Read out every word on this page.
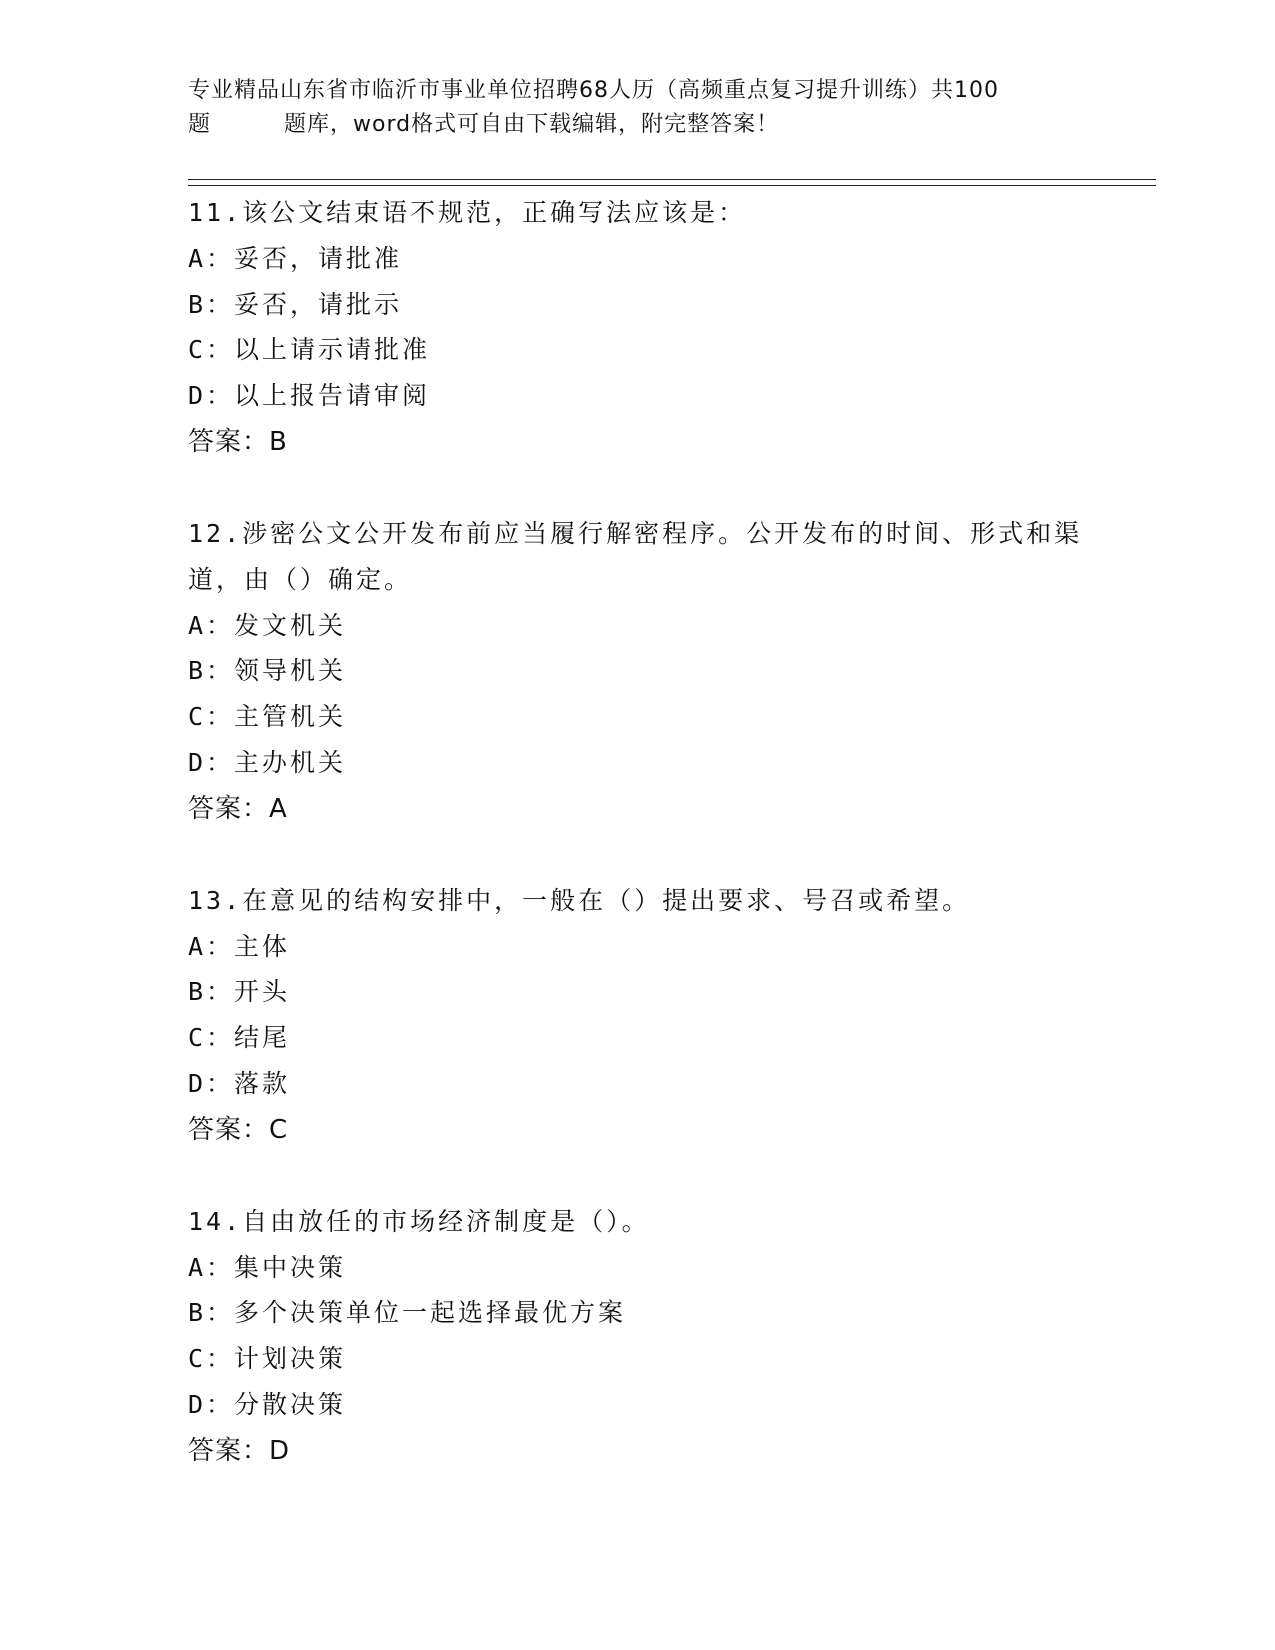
专业精品山东省市临沂市事业单位招聘68人历（高频重点复习提升训练）共100
题	题库，word格式可自由下载编辑，附完整答案！
11.该公文结束语不规范，正确写法应该是：
A：妥否，请批准
B：妥否，请批示
C：以上请示请批准
D：以上报告请审阅
答案：B
12.涉密公文公开发布前应当履行解密程序。公开发布的时间、形式和渠道，由（）确定。
A：发文机关
B：领导机关
C：主管机关
D：主办机关
答案：A
13.在意见的结构安排中，一般在（）提出要求、号召或希望。
A：主体
B：开头
C：结尾
D：落款
答案：C
14.自由放任的市场经济制度是（）。
A：集中决策
B：多个决策单位一起选择最优方案
C：计划决策
D：分散决策
答案：D
